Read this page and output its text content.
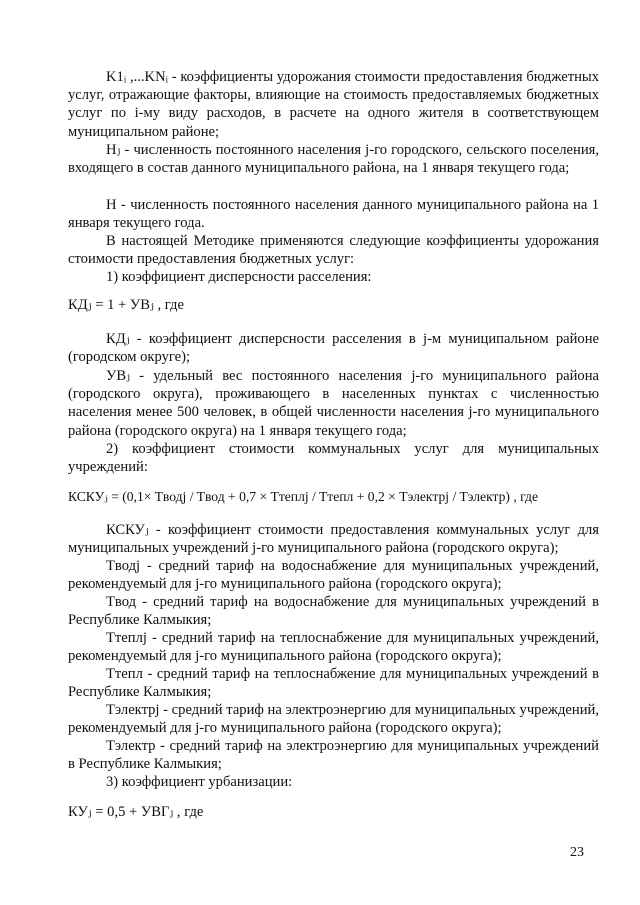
K1ᵢ ,...KNᵢ - коэффициенты удорожания стоимости предоставления бюджетных услуг, отражающие факторы, влияющие на стоимость предоставляемых бюджетных услуг по i-му виду расходов, в расчете на одного жителя в соответствующем муниципальном районе;

Нⱼ - численность постоянного населения j-го городского, сельского поселения, входящего в состав данного муниципального района, на 1 января текущего года;

Н - численность постоянного населения данного муниципального района на 1 января текущего года.

В настоящей Методике применяются следующие коэффициенты удорожания стоимости предоставления бюджетных услуг:

1) коэффициент дисперсности расселения:

КДⱼ = 1 + УВⱼ , где

КДⱼ - коэффициент дисперсности расселения в j-м муниципальном районе (городском округе);

УВⱼ - удельный вес постоянного населения j-го муниципального района (городского округа), проживающего в населенных пунктах с численностью населения менее 500 человек, в общей численности населения j-го муниципального района (городского округа) на 1 января текущего года;

2) коэффициент стоимости коммунальных услуг для муниципальных учреждений:

КСКУⱼ = (0,1× Tводj / Tвод + 0,7 × Tтеплj / Tтепл + 0,2 × Tэлектрj / Tэлектр) , где

КСКУⱼ - коэффициент стоимости предоставления коммунальных услуг для муниципальных учреждений j-го муниципального района (городского округа);

Tводj - средний тариф на водоснабжение для муниципальных учреждений, рекомендуемый для j-го муниципального района (городского округа);

Tвод - средний тариф на водоснабжение для муниципальных учреждений в Республике Калмыкия;

Tтеплj - средний тариф на теплоснабжение для муниципальных учреждений, рекомендуемый для j-го муниципального района (городского округа);

Tтепл - средний тариф на теплоснабжение для муниципальных учреждений в Республике Калмыкия;

Tэлектрj - средний тариф на электроэнергию для муниципальных учреждений, рекомендуемый для j-го муниципального района (городского округа);

Tэлектр - средний тариф на электроэнергию для муниципальных учреждений в Республике Калмыкия;

3) коэффициент урбанизации:

КУⱼ = 0,5 + УВГⱼ , где

23
